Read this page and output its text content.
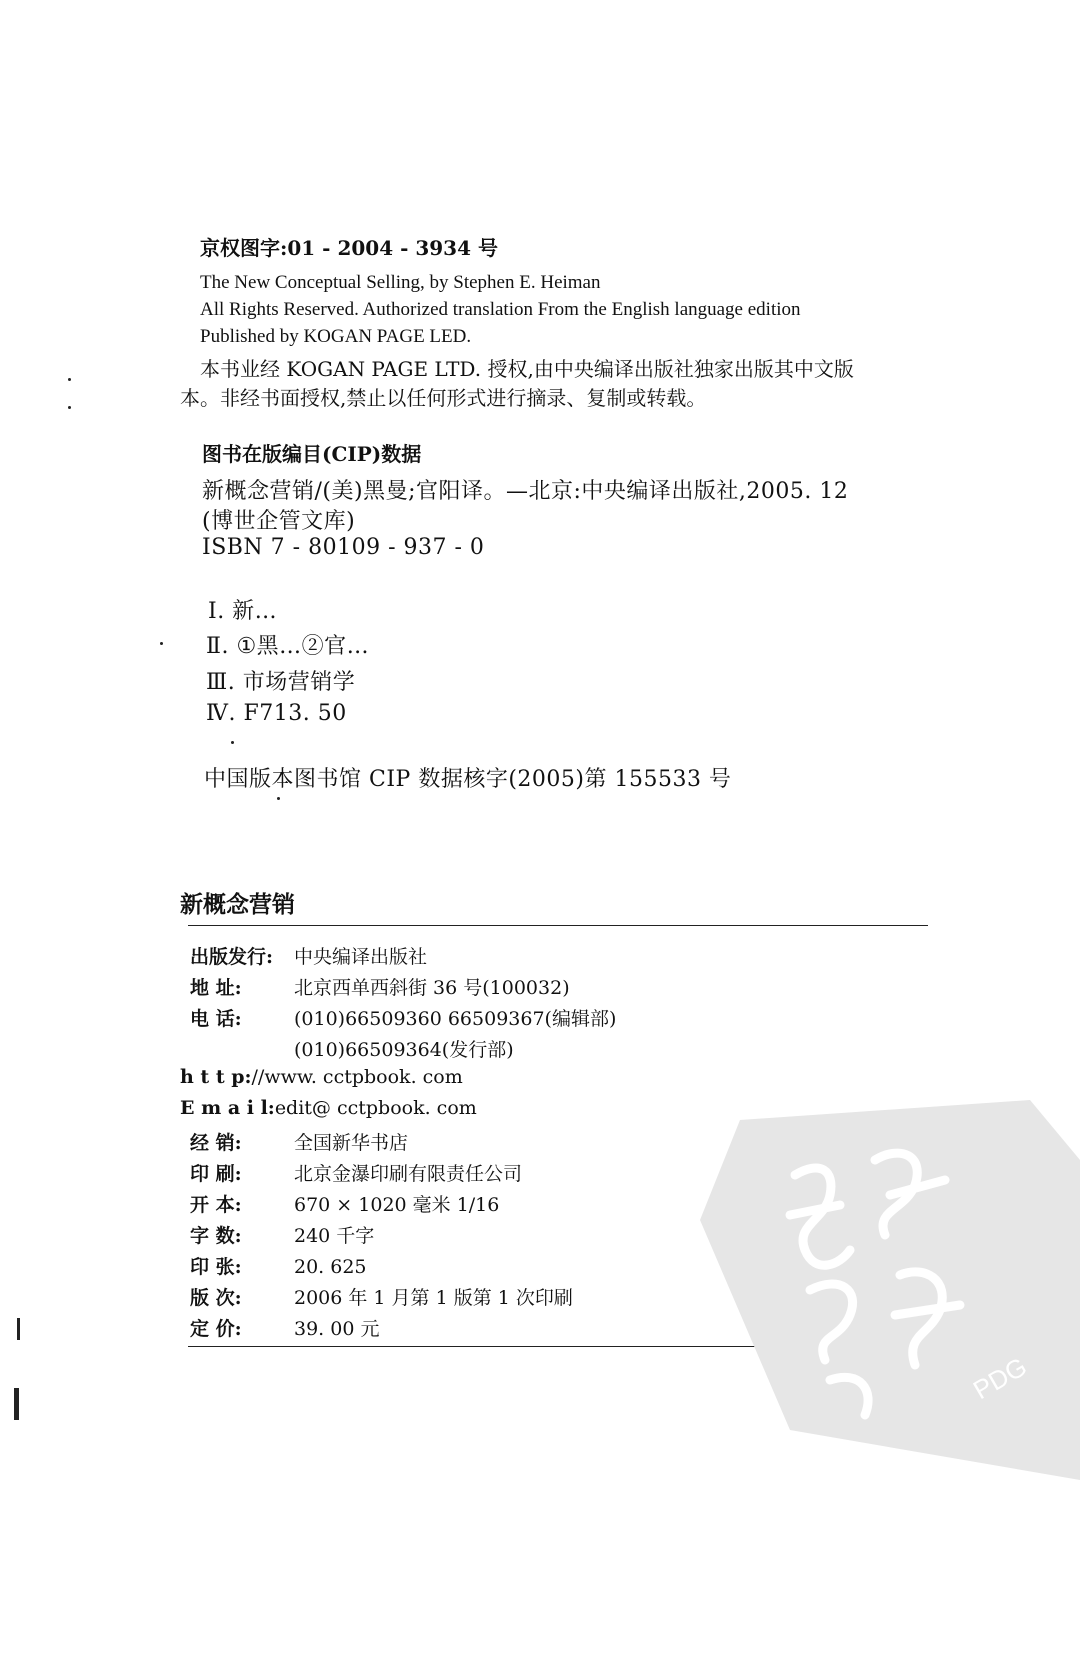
京权图字:01 - 2004 - 3934 号
The New Conceptual Selling, by Stephen E. Heiman
All Rights Reserved. Authorized translation From the English language edition
Published by KOGAN PAGE LED.
本书业经 KOGAN PAGE LTD. 授权,由中央编译出版社独家出版其中文版
本。非经书面授权,禁止以任何形式进行摘录、复制或转载。
图书在版编目(CIP)数据
新概念营销/(美)黑曼;官阳译。—北京:中央编译出版社,2005. 12
(博世企管文库)
ISBN 7 - 80109 - 937 - 0
Ⅰ. 新…
Ⅱ. ①黑…②官…
Ⅲ. 市场营销学
Ⅳ. F713. 50
中国版本图书馆 CIP 数据核字(2005)第 155533 号
新概念营销
出版发行: 中央编译出版社
地 址:	北京西单西斜街 36 号(100032)
电 话:	(010)66509360 66509367(编辑部)
(010)66509364(发行部)
h t t p://www. cctpbook. com
E m a i l:edit@ cctpbook. com
经 销:	全国新华书店
印 刷:	北京金瀑印刷有限责任公司
开 本:	670 × 1020 毫米 1/16
字 数:	240 千字
印 张:	20. 625
版 次:	2006 年 1 月第 1 版第 1 次印刷
定 价:	39. 00 元
PDG
